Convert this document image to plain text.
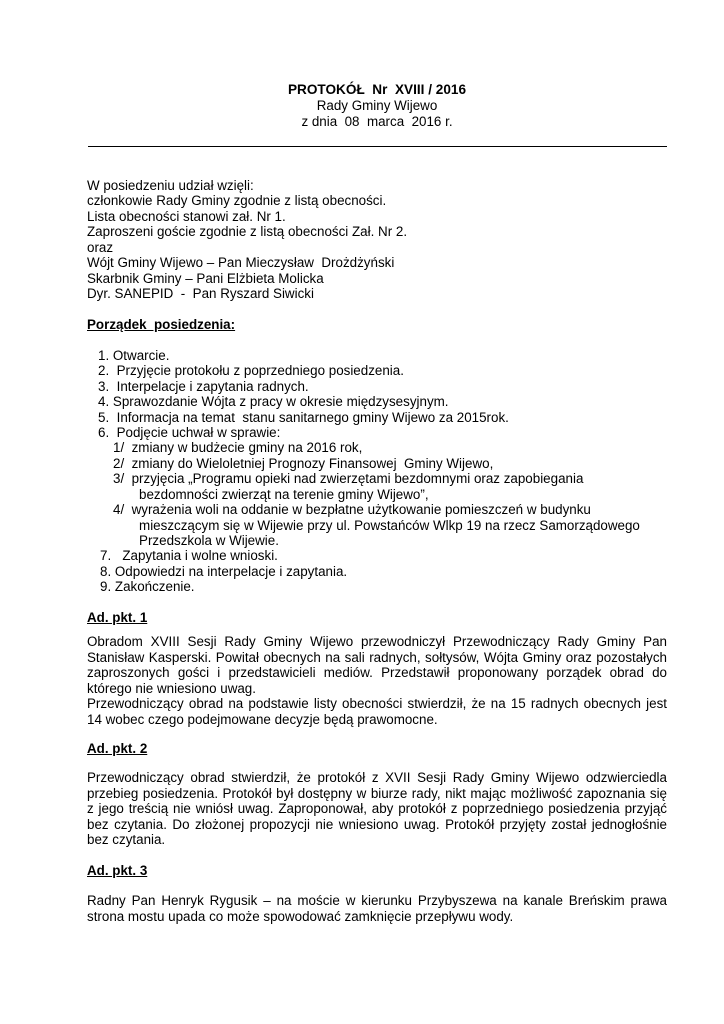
PROTOKÓŁ  Nr  XVIII / 2016
Rady Gminy Wijewo
z dnia  08  marca  2016 r.
W posiedzeniu udział wzięli:
członkowie Rady Gminy zgodnie z listą obecności.
Lista obecności stanowi zał. Nr 1.
Zaproszeni goście zgodnie z listą obecności Zał. Nr 2.
oraz
Wójt Gminy Wijewo – Pan Mieczysław  Drożdżyński
Skarbnik Gminy – Pani Elżbieta Molicka
Dyr. SANEPID  -  Pan Ryszard Siwicki
Porządek  posiedzenia:
1. Otwarcie.
2.  Przyjęcie protokołu z poprzedniego posiedzenia.
3.  Interpelacje i zapytania radnych.
4. Sprawozdanie Wójta z pracy w okresie międzysesyjnym.
5.  Informacja na temat  stanu sanitarnego gminy Wijewo za 2015rok.
6.  Podjęcie uchwał w sprawie:
1/  zmiany w budżecie gminy na 2016 rok,
2/  zmiany do Wieloletniej Prognozy Finansowej  Gminy Wijewo,
3/  przyjęcia „Programu opieki nad zwierzętami bezdomnymi oraz zapobiegania
bezdomności zwierząt na terenie gminy Wijewo”,
4/  wyrażenia woli na oddanie w bezpłatne użytkowanie pomieszczeń w budynku
mieszczącym się w Wijewie przy ul. Powstańców Wlkp 19 na rzecz Samorządowego
Przedszkola w Wijewie.
7.   Zapytania i wolne wnioski.
8. Odpowiedzi na interpelacje i zapytania.
9. Zakończenie.
Ad. pkt. 1

Obradom XVIII Sesji Rady Gminy Wijewo przewodniczył Przewodniczący Rady Gminy Pan Stanisław Kasperski. Powitał obecnych na sali radnych, sołtysów, Wójta Gminy oraz pozostałych zaproszonych gości i przedstawicieli mediów. Przedstawił proponowany porządek obrad do którego nie wniesiono uwag.

Przewodniczący obrad na podstawie listy obecności stwierdził, że na 15 radnych obecnych jest 14 wobec czego podejmowane decyzje będą prawomocne.

Ad. pkt. 2

Przewodniczący obrad stwierdził, że protokół z XVII Sesji Rady Gminy Wijewo odzwierciedla przebieg posiedzenia. Protokół był dostępny w biurze rady, nikt mając możliwość zapoznania się z jego treścią nie wniósł uwag. Zaproponował, aby protokół z poprzedniego posiedzenia przyjąć bez czytania. Do złożonej propozycji nie wniesiono uwag. Protokół przyjęty został jednogłośnie bez czytania.

Ad. pkt. 3

Radny Pan Henryk Rygusik – na moście w kierunku Przybyszewa na kanale Breńskim prawa strona mostu upada co może spowodować zamknięcie przepływu wody.
